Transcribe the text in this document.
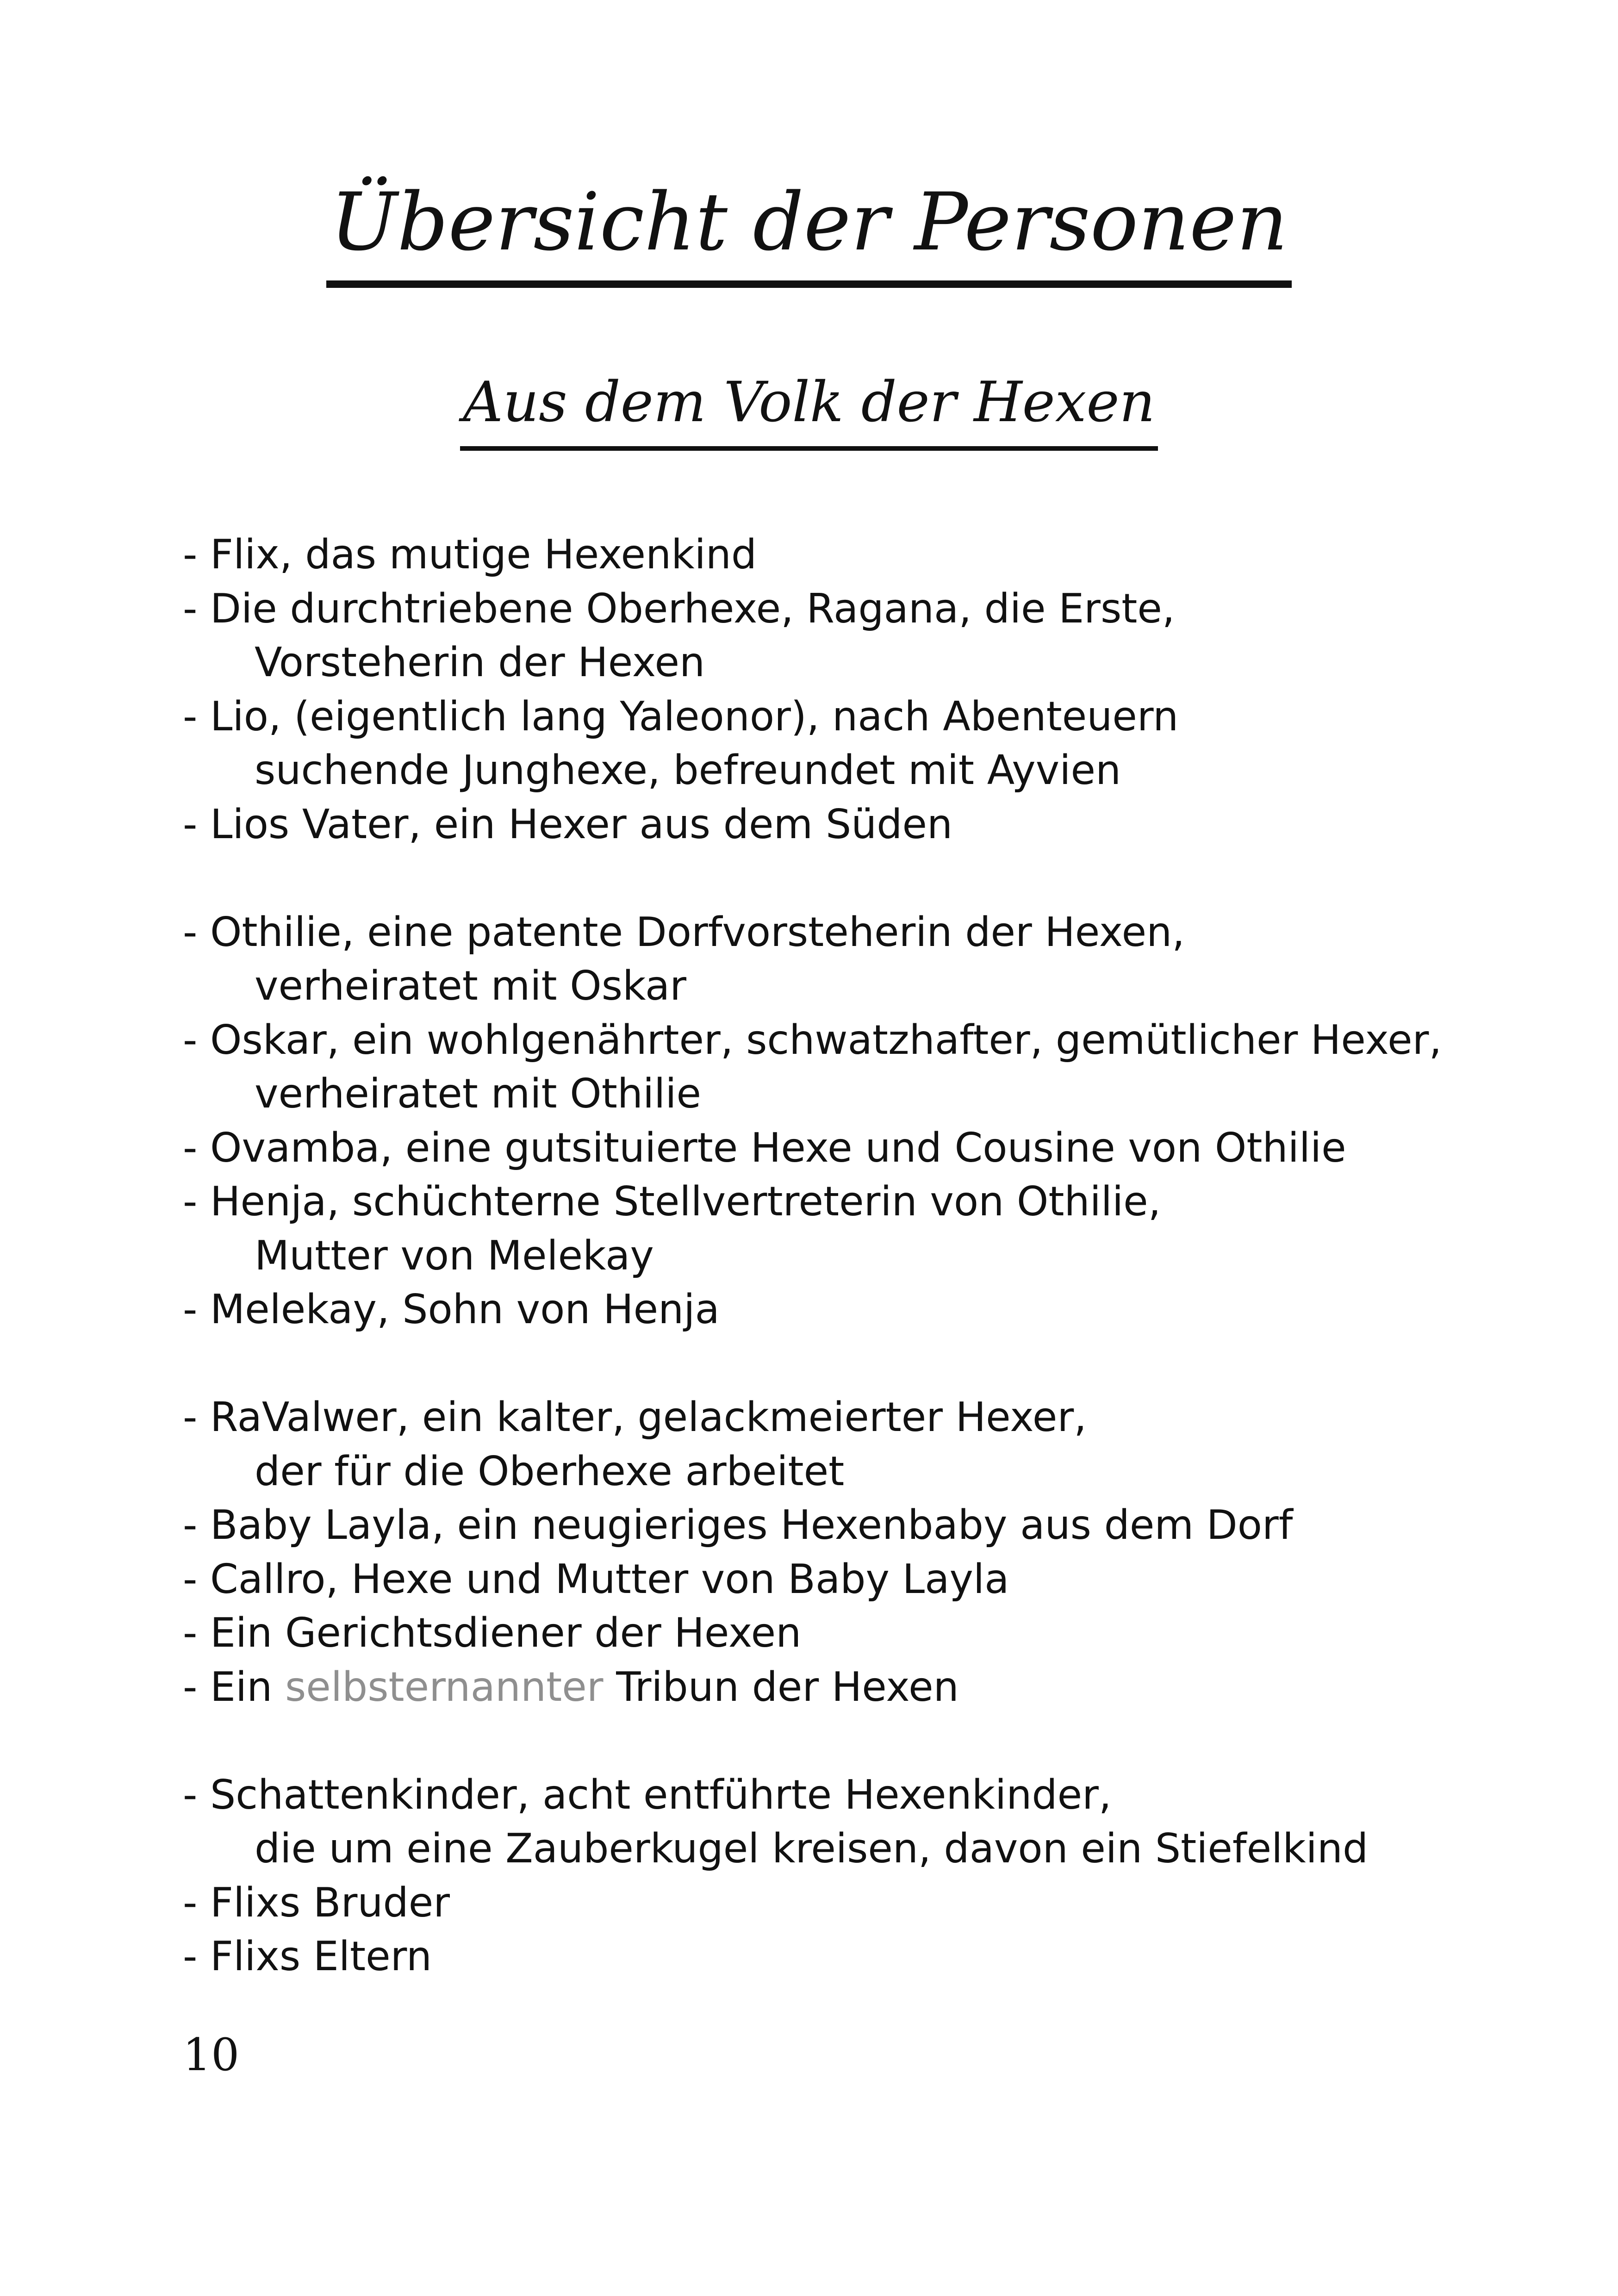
Übersicht der Personen
Aus dem Volk der Hexen
- Flix, das mutige Hexenkind
- Die durchtriebene Oberhexe, Ragana, die Erste,
Vorsteherin der Hexen
- Lio, (eigentlich lang Yaleonor), nach Abenteuern
suchende Junghexe, befreundet mit Ayvien
- Lios Vater, ein Hexer aus dem Süden
- Othilie, eine patente Dorfvorsteherin der Hexen,
verheiratet mit Oskar
- Oskar, ein wohlgenährter, schwatzhafter, gemütlicher Hexer,
verheiratet mit Othilie
- Ovamba, eine gutsituierte Hexe und Cousine von Othilie
- Henja, schüchterne Stellvertreterin von Othilie,
Mutter von Melekay
- Melekay, Sohn von Henja
- RaValwer, ein kalter, gelackmeierter Hexer,
der für die Oberhexe arbeitet
- Baby Layla, ein neugieriges Hexenbaby aus dem Dorf
- Callro, Hexe und Mutter von Baby Layla
- Ein Gerichtsdiener der Hexen
- Ein selbsternannter Tribun der Hexen
- Schattenkinder, acht entführte Hexenkinder,
die um eine Zauberkugel kreisen, davon ein Stiefelkind
- Flixs Bruder
- Flixs Eltern

10
